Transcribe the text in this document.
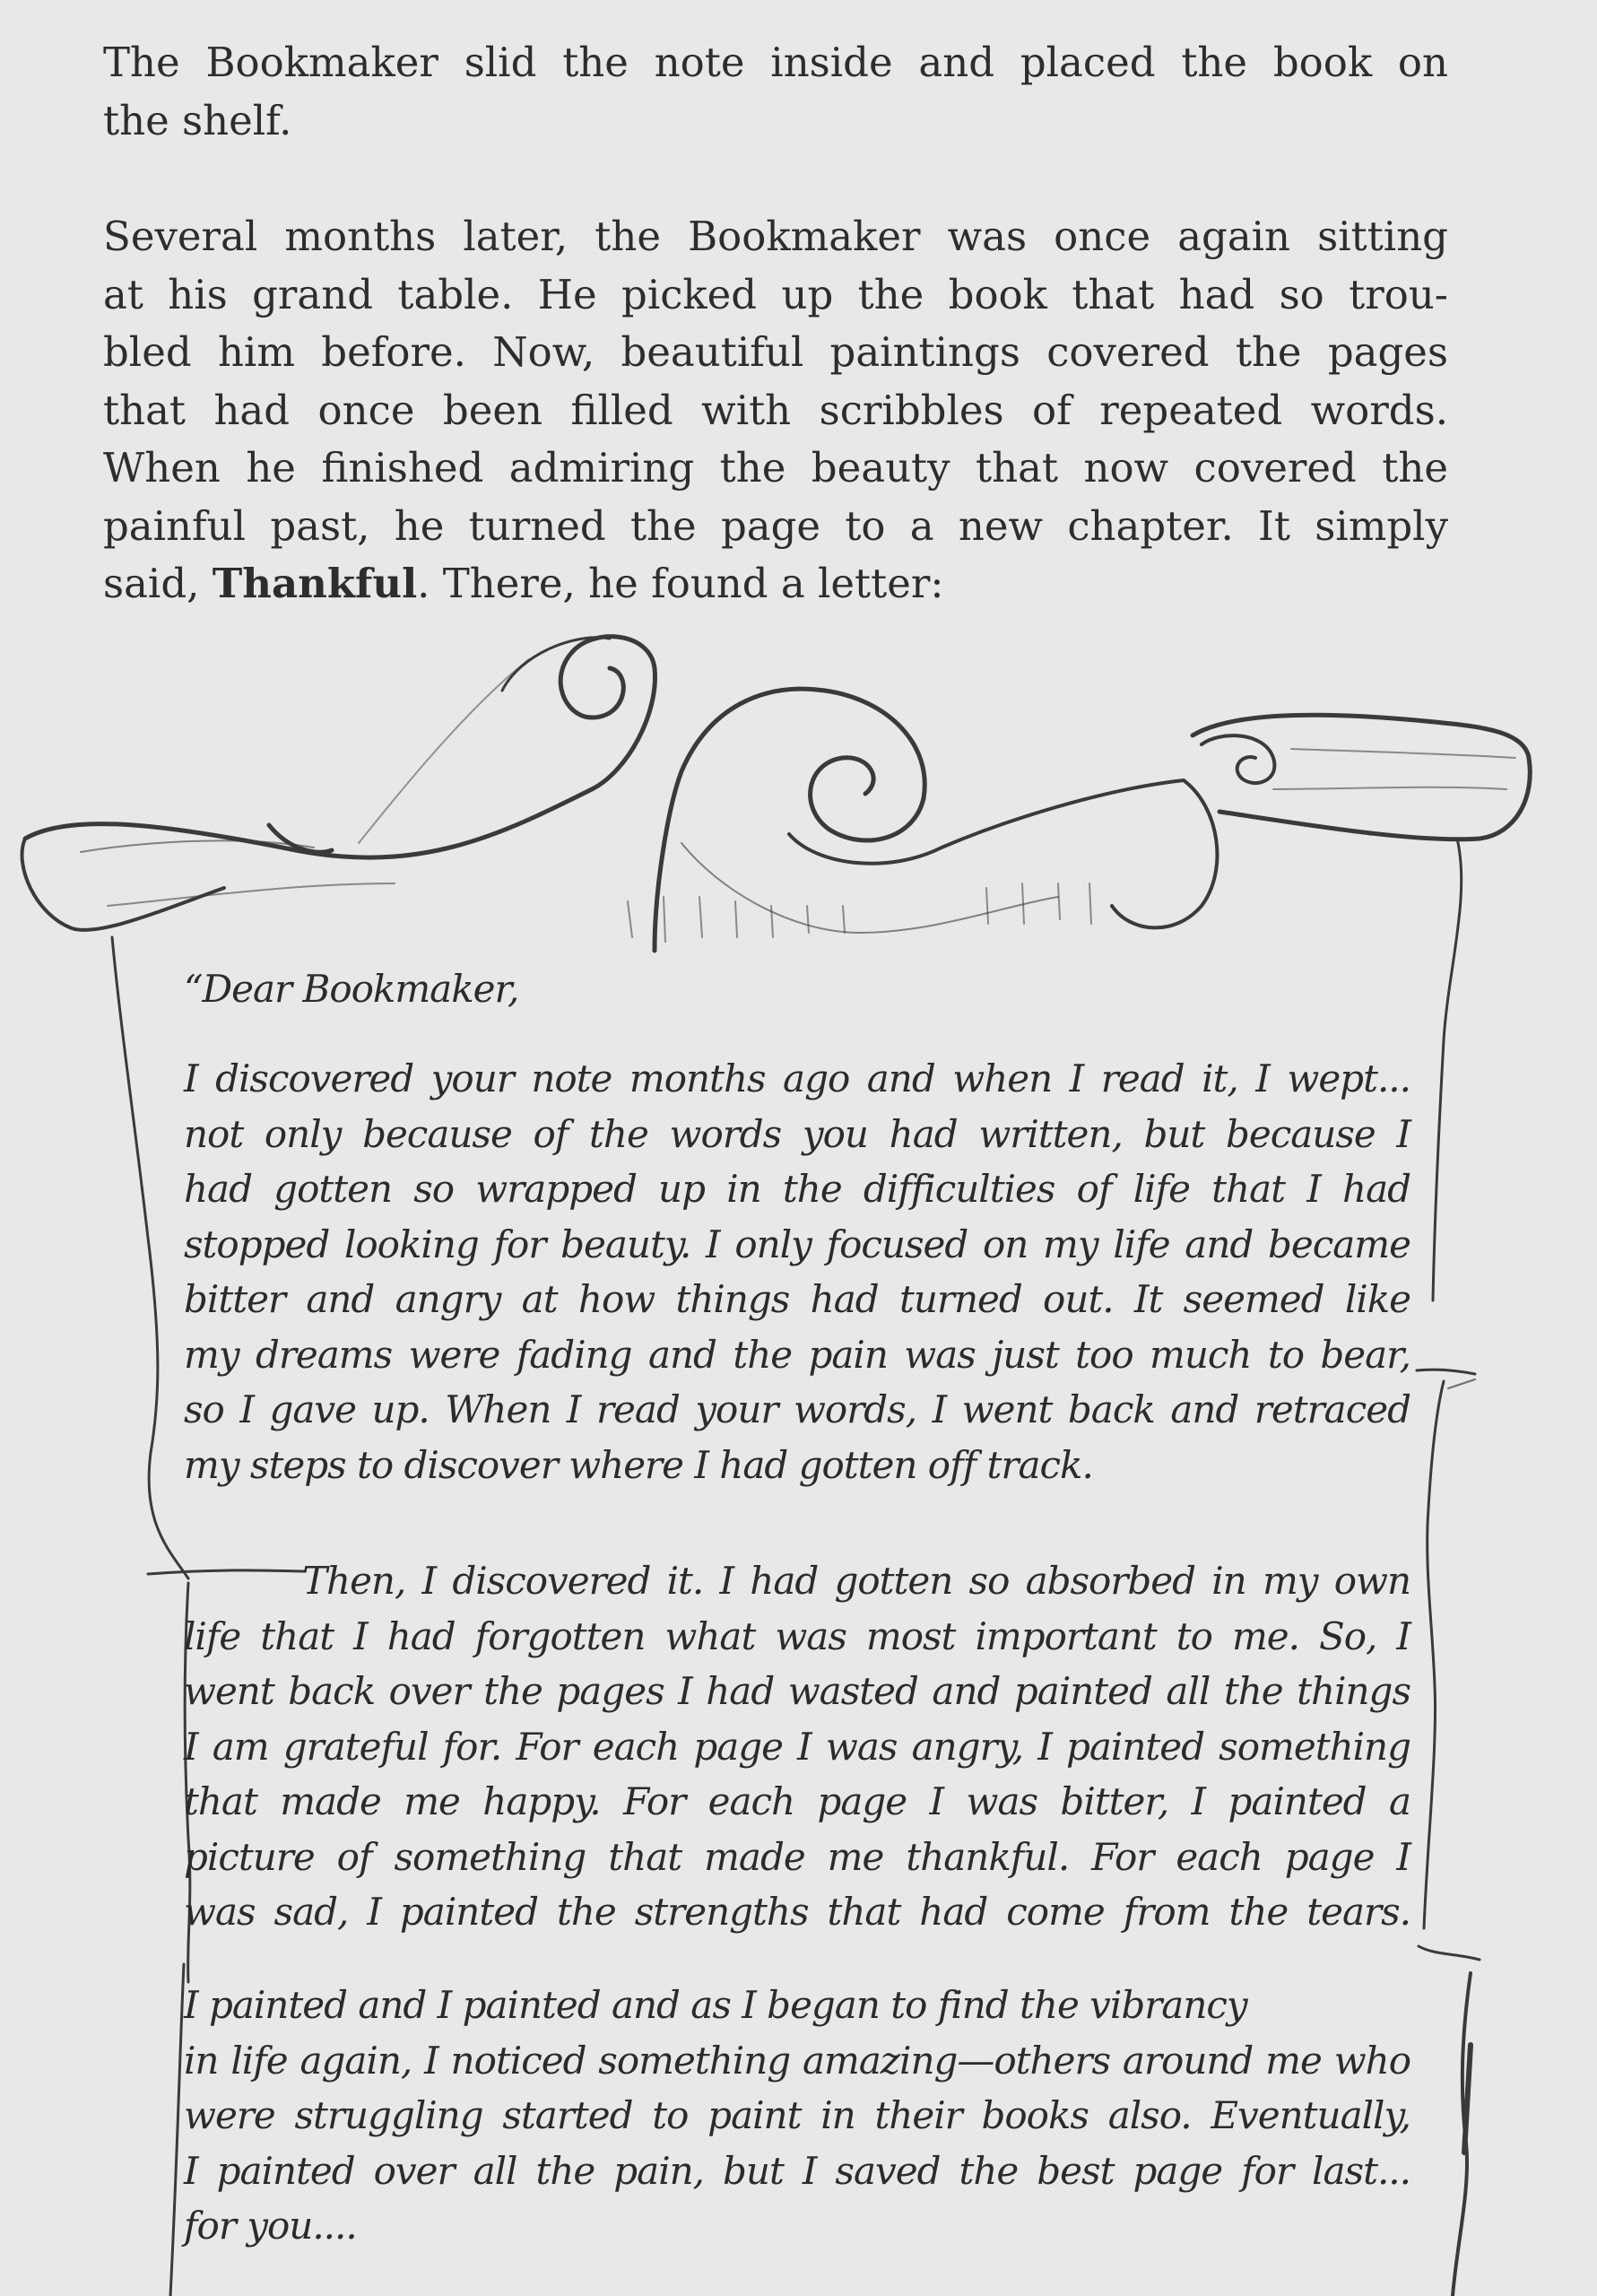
The Bookmaker slid the note inside and placed the book on
the shelf.
Several months later, the Bookmaker was once again sitting
at his grand table. He picked up the book that had so trou-
bled him before. Now, beautiful paintings covered the pages
that had once been filled with scribbles of repeated words.
When he finished admiring the beauty that now covered the
painful past, he turned the page to a new chapter. It simply
said, Thankful. There, he found a letter:
“Dear Bookmaker,
I discovered your note months ago and when I read it, I wept...
not only because of the words you had written, but because I
had gotten so wrapped up in the difficulties of life that I had
stopped looking for beauty. I only focused on my life and became
bitter and angry at how things had turned out. It seemed like
my dreams were fading and the pain was just too much to bear,
so I gave up. When I read your words, I went back and retraced
my steps to discover where I had gotten off track.
Then, I discovered it. I had gotten so absorbed in my own
life that I had forgotten what was most important to me. So, I
went back over the pages I had wasted and painted all the things
I am grateful for. For each page I was angry, I painted something
that made me happy. For each page I was bitter, I painted a
picture of something that made me thankful. For each page I
was sad, I painted the strengths that had come from the tears.
I painted and I painted and as I began to find the vibrancy
in life again, I noticed something amazing—others around me who
were struggling started to paint in their books also. Eventually,
I painted over all the pain, but I saved the best page for last...
for you....
